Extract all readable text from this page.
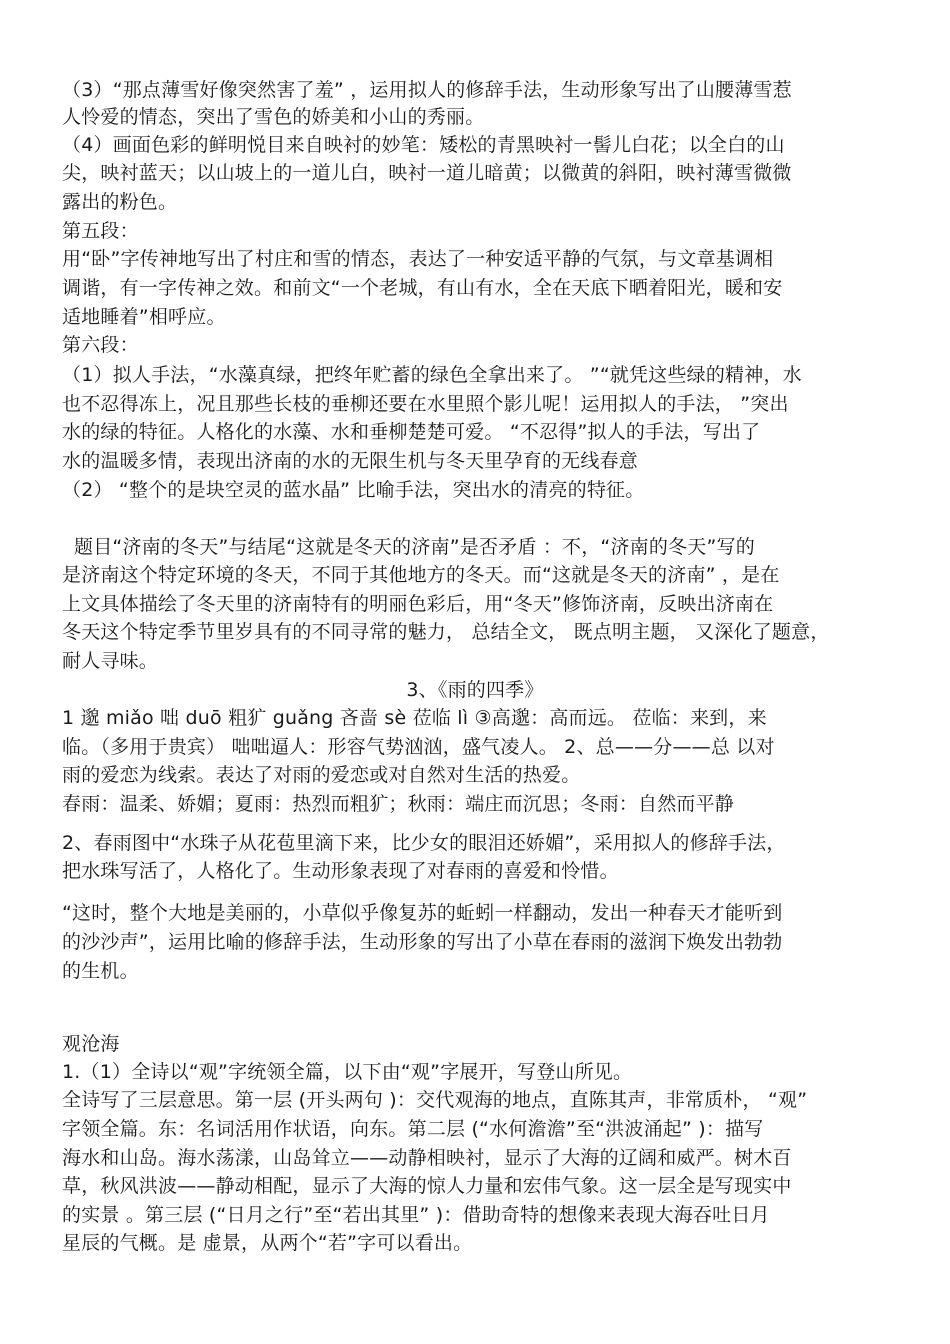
（3）“那点薄雪好像突然害了羞” ，运用拟人的修辞手法，生动形象写出了山腰薄雪惹
人怜爱的情态，突出了雪色的娇美和小山的秀丽。
（4）画面色彩的鲜明悦目来自映衬的妙笔：矮松的青黑映衬一髻儿白花；以全白的山
尖，映衬蓝天；以山坡上的一道儿白，映衬一道儿暗黄；以微黄的斜阳，映衬薄雪微微
露出的粉色。
第五段：
用“卧”字传神地写出了村庄和雪的情态，表达了一种安适平静的气氛，与文章基调相
调谐，有一字传神之效。和前文“一个老城，有山有水，全在天底下晒着阳光，暖和安
适地睡着”相呼应。
第六段：
（1）拟人手法，“水藻真绿，把终年贮蓄的绿色全拿出来了。 ”“就凭这些绿的精神，水
也不忍得冻上，况且那些长枝的垂柳还要在水里照个影儿呢！运用拟人的手法， ”突出
水的绿的特征。人格化的水藻、水和垂柳楚楚可爱。 “不忍得”拟人的手法，写出了
水的温暖多情，表现出济南的水的无限生机与冬天里孕育的无线春意
（2） “整个的是块空灵的蓝水晶” 比喻手法，突出水的清亮的特征。
题目“济南的冬天”与结尾“这就是冬天的济南”是否矛盾 ：不，“济南的冬天”写的
是济南这个特定环境的冬天，不同于其他地方的冬天。而“这就是冬天的济南” ，是在
上文具体描绘了冬天里的济南特有的明丽色彩后，用“冬天”修饰济南，反映出济南在
冬天这个特定季节里岁具有的不同寻常的魅力， 总结全文， 既点明主题， 又深化了题意，
耐人寻味。
3、《雨的四季》
1 邈 miǎo 咄 duō 粗犷 guǎng 吝啬 sè 莅临 lì ③高邈：高而远。 莅临：来到，来
临。（多用于贵宾） 咄咄逼人：形容气势汹汹，盛气凌人。 2、总——分——总 以对
雨的爱恋为线索。表达了对雨的爱恋或对自然对生活的热爱。
春雨：温柔、娇媚；夏雨：热烈而粗犷；秋雨：端庄而沉思；冬雨：自然而平静
2、春雨图中“水珠子从花苞里滴下来，比少女的眼泪还娇媚”，采用拟人的修辞手法，
把水珠写活了，人格化了。生动形象表现了对春雨的喜爱和怜惜。
“这时，整个大地是美丽的，小草似乎像复苏的蚯蚓一样翻动，发出一种春天才能听到
的沙沙声”，运用比喻的修辞手法，生动形象的写出了小草在春雨的滋润下焕发出勃勃
的生机。
观沧海
1.（1）全诗以“观”字统领全篇，以下由“观”字展开，写登山所见。
全诗写了三层意思。第一层 (开头两句 )：交代观海的地点，直陈其声，非常质朴， “观”
字领全篇。东：名词活用作状语，向东。第二层 (“水何澹澹”至“洪波涌起” )：描写
海水和山岛。海水荡漾，山岛耸立——动静相映衬，显示了大海的辽阔和威严。树木百
草，秋风洪波——静动相配，显示了大海的惊人力量和宏伟气象。这一层全是写现实中
的实景 。第三层 (“日月之行”至“若出其里” )：借助奇特的想像来表现大海吞吐日月
星辰的气概。是 虚景，从两个“若”字可以看出。
